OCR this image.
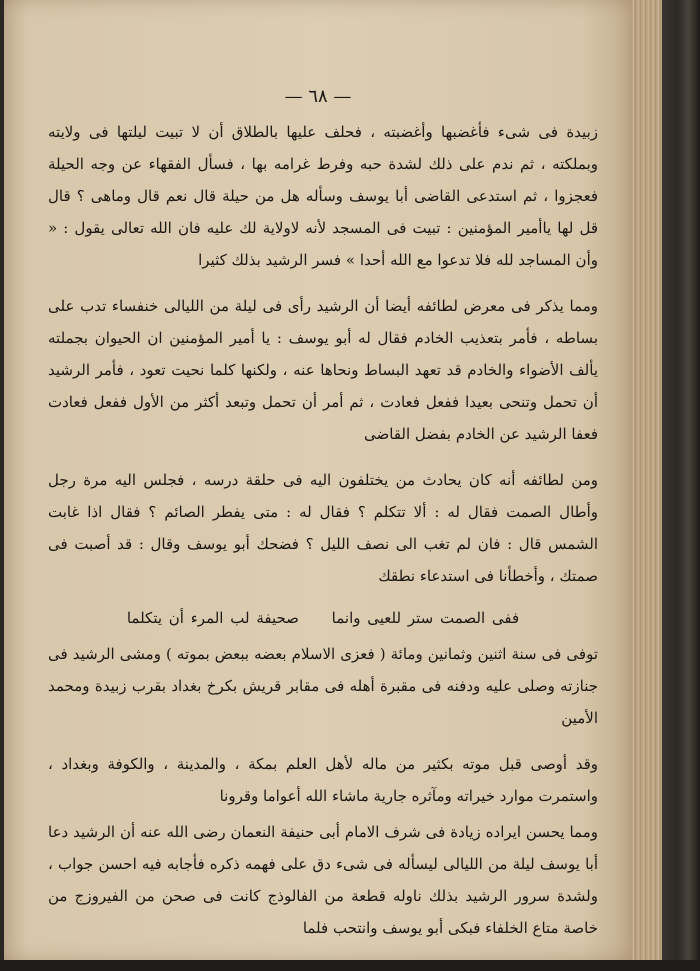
— ٦٨ —

زبيدة فى شىء فأغضبها وأغضبته ، فحلف عليها بالطلاق أن لا تبيت ليلتها فى ولايته وبملكته ، ثم ندم على ذلك لشدة حبه وفرط غرامه بها ، فسأل الفقهاء عن وجه الحيلة فعجزوا ، ثم استدعى القاضى أبا يوسف وسأله هل من حيلة قال نعم قال وماهى ؟ قال قل لها ياأمير المؤمنين : تبيت فى المسجد لأنه لاولاية لك عليه فان الله تعالى يقول : « وأن المساجد لله فلا تدعوا مع الله أحدا » فسر الرشيد بذلك كثيرا

ومما يذكر فى معرض لطائفه أيضا أن الرشيد رأى فى ليلة من الليالى خنفساء تدب على بساطه ، فأمر بتعذيب الخادم فقال له أبو يوسف : يا أمير المؤمنين ان الحيوان بجملته يألف الأضواء والخادم قد تعهد البساط ونحاها عنه ، ولكنها كلما نحيت تعود ، فأمر الرشيد أن تحمل وتنحى بعيدا ففعل فعادت ، ثم أمر أن تحمل وتبعد أكثر من الأول ففعل فعادت فعفا الرشيد عن الخادم بفضل القاضى

ومن لطائفه أنه كان يحادث من يختلفون اليه فى حلقة درسه ، فجلس اليه مرة رجل وأطال الصمت فقال له : ألا تتكلم ؟ فقال له : متى يفطر الصائم ؟ فقال اذا غابت الشمس قال : فان لم تغب الى نصف الليل ؟ فضحك أبو يوسف وقال : قد أصبت فى صمتك ، وأخطأنا فى استدعاء نطقك

ففى الصمت ستر للعيى وانما صحيفة لب المرء أن يتكلما

توفى فى سنة اثنين وثمانين ومائة ( فعزى الاسلام بعضه ببعض بموته ) ومشى الرشيد فى جنازته وصلى عليه ودفنه فى مقبرة أهله فى مقابر قريش بكرخ بغداد بقرب زبيدة ومحمد الأمين

وقد أوصى قبل موته بكثير من ماله لأهل العلم بمكة ، والمدينة ، والكوفة وبغداد ، واستمرت موارد خيراته ومآثره جارية ماشاء الله أعواما وقرونا

ومما يحسن ايراده زيادة فى شرف الامام أبى حنيفة النعمان رضى الله عنه أن الرشيد دعا أبا يوسف ليلة من الليالى ليسأله فى شىء دق على فهمه ذكره فأجابه فيه احسن جواب ، ولشدة سرور الرشيد بذلك ناوله قطعة من الفالوذج كانت فى صحن من الفيروزج من خاصة متاع الخلفاء فبكى أبو يوسف وانتحب فلما
